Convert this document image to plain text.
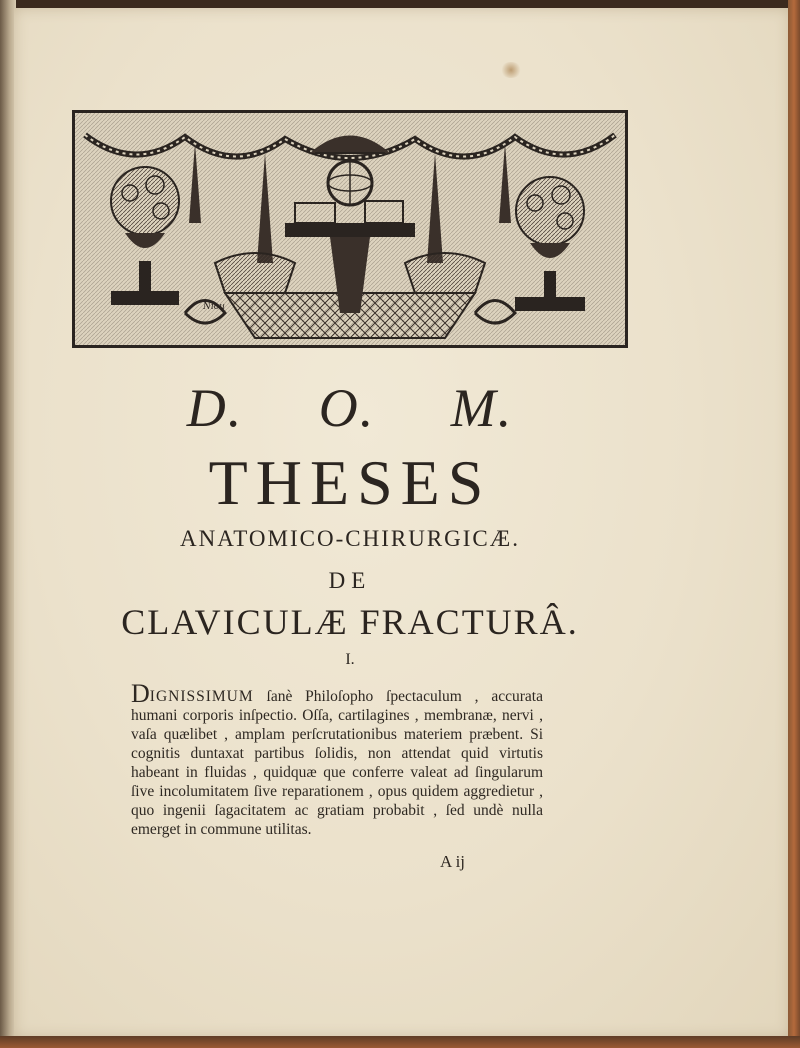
Niou
D. O. M.
THESES
ANATOMICO-CHIRURGICÆ.
DE
CLAVICULÆ FRACTURÂ.
I.
DIGNISSIMUM ſanè Philoſopho ſpectaculum , accurata humani corporis inſpectio. Oſſa, cartilagines , membranæ, nervi , vaſa quælibet , amplam perſcrutationibus materiem præbent. Si cognitis duntaxat partibus ſolidis, non attendat quid virtutis habeant in fluidas , quidquæ que conferre valeat ad ſingularum ſive incolumitatem ſive reparationem , opus quidem aggredietur , quo ingenii ſagacitatem ac gratiam probabit , ſed undè nulla emerget in commune utilitas.
A ij
